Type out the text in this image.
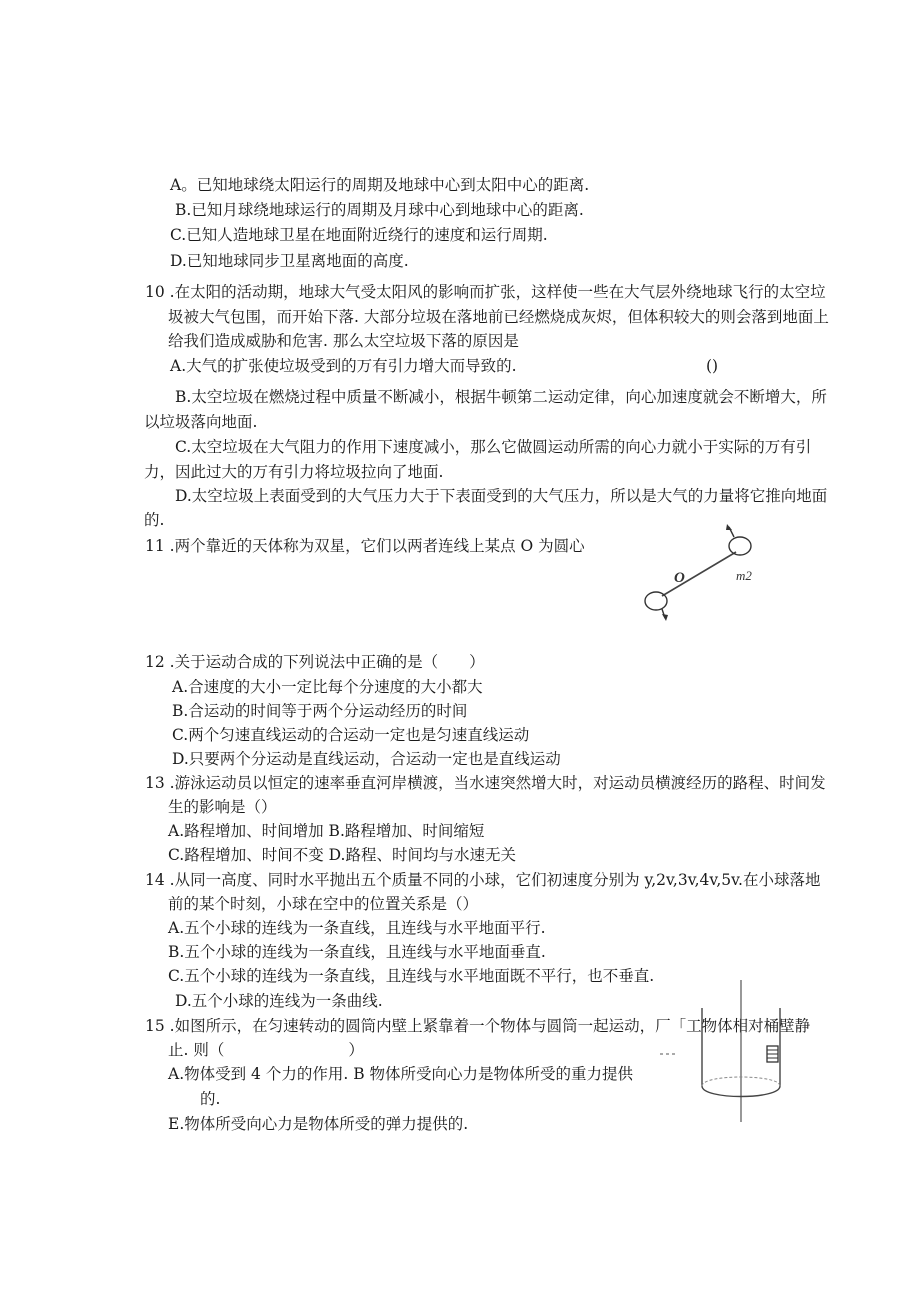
A。已知地球绕太阳运行的周期及地球中心到太阳中心的距离.
B.已知月球绕地球运行的周期及月球中心到地球中心的距离.
C.已知人造地球卫星在地面附近绕行的速度和运行周期.
D.已知地球同步卫星离地面的高度.
10 .在太阳的活动期，地球大气受太阳风的影响而扩张，这样使一些在大气层外绕地球飞行的太空垃
圾被大气包围，而开始下落. 大部分垃圾在落地前已经燃烧成灰烬，但体积较大的则会落到地面上
给我们造成威胁和危害. 那么太空垃圾下落的原因是
A.大气的扩张使垃圾受到的万有引力增大而导致的.	()
B.太空垃圾在燃烧过程中质量不断减小，根据牛顿第二运动定律，向心加速度就会不断增大，所
以垃圾落向地面.
C.太空垃圾在大气阻力的作用下速度减小，那么它做圆运动所需的向心力就小于实际的万有引
力，因此过大的万有引力将垃圾拉向了地面.
D.太空垃圾上表面受到的大气压力大于下表面受到的大气压力，所以是大气的力量将它推向地面
的.
11 .两个靠近的天体称为双星，它们以两者连线上某点 O 为圆心
O	m2
12 .关于运动合成的下列说法中正确的是（　　）
A.合速度的大小一定比每个分速度的大小都大
B.合运动的时间等于两个分运动经历的时间
C.两个匀速直线运动的合运动一定也是匀速直线运动
D.只要两个分运动是直线运动，合运动一定也是直线运动
13 .游泳运动员以恒定的速率垂直河岸横渡，当水速突然增大时，对运动员横渡经历的路程、时间发
生的影响是（）
A.路程增加、时间增加 B.路程增加、时间缩短
C.路程增加、时间不变 D.路程、时间均与水速无关
14 .从同一高度、同时水平抛出五个质量不同的小球，它们初速度分别为 y,2v,3v,4v,5v.在小球落地
前的某个时刻，小球在空中的位置关系是（）
A.五个小球的连线为一条直线，且连线与水平地面平行.
B.五个小球的连线为一条直线，且连线与水平地面垂直.
C.五个小球的连线为一条直线，且连线与水平地面既不平行，也不垂直.
D.五个小球的连线为一条曲线.
15 .如图所示，在匀速转动的圆筒内壁上紧靠着一个物体与圆筒一起运动，厂「工物体相对桶壁静
止. 则（　　　　　　　　）
A.物体受到 4 个力的作用. B 物体所受向心力是物体所受的重力提供
的.
E.物体所受向心力是物体所受的弹力提供的.
